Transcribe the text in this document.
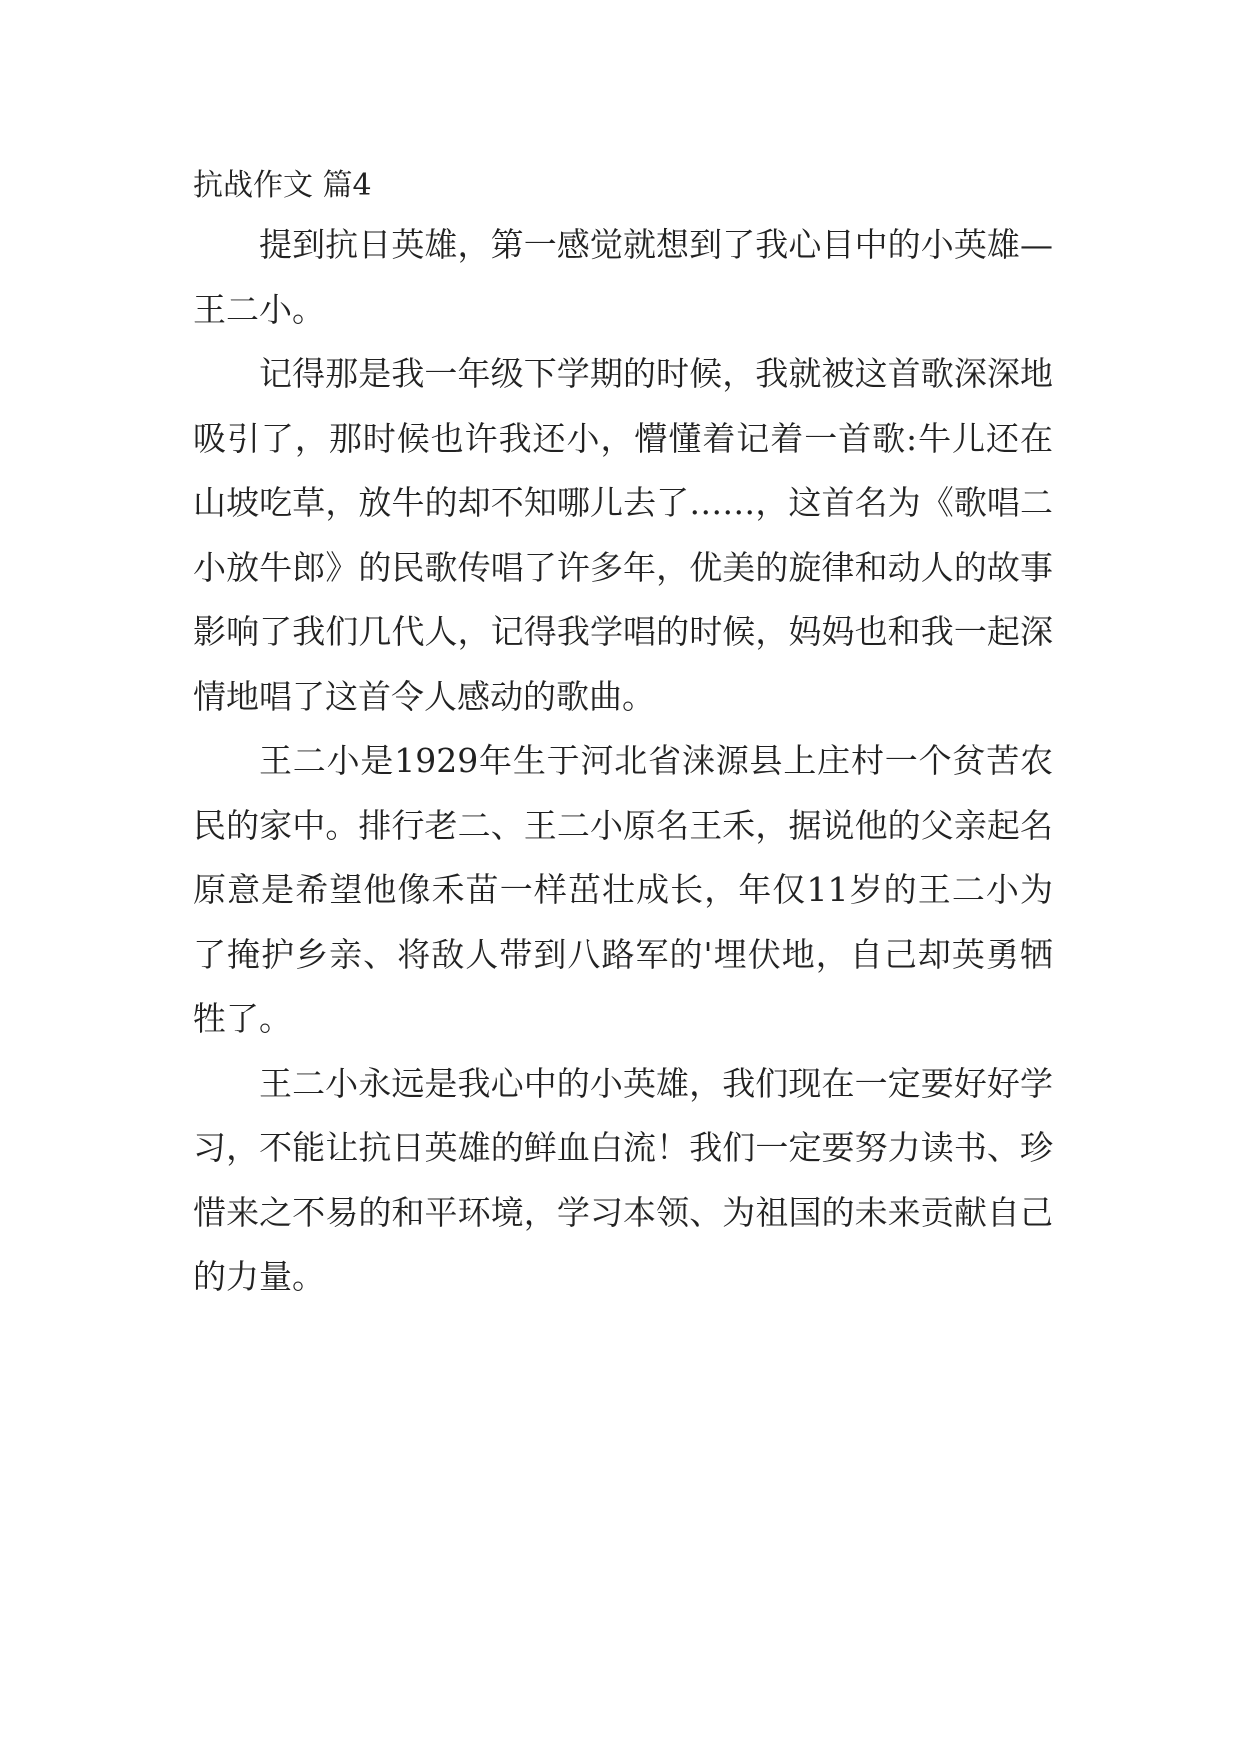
抗战作文 篇4

提到抗日英雄，第一感觉就想到了我心目中的小英雄—王二小。

记得那是我一年级下学期的时候，我就被这首歌深深地吸引了，那时候也许我还小，懵懂着记着一首歌:牛儿还在山坡吃草，放牛的却不知哪儿去了……，这首名为《歌唱二小放牛郎》的民歌传唱了许多年，优美的旋律和动人的故事影响了我们几代人，记得我学唱的时候，妈妈也和我一起深情地唱了这首令人感动的歌曲。

王二小是1929年生于河北省涞源县上庄村一个贫苦农民的家中。排行老二、王二小原名王禾，据说他的父亲起名原意是希望他像禾苗一样茁壮成长，年仅11岁的王二小为了掩护乡亲、将敌人带到八路军的'埋伏地，自己却英勇牺牲了。

王二小永远是我心中的小英雄，我们现在一定要好好学习，不能让抗日英雄的鲜血白流！我们一定要努力读书、珍惜来之不易的和平环境，学习本领、为祖国的未来贡献自己的力量。
